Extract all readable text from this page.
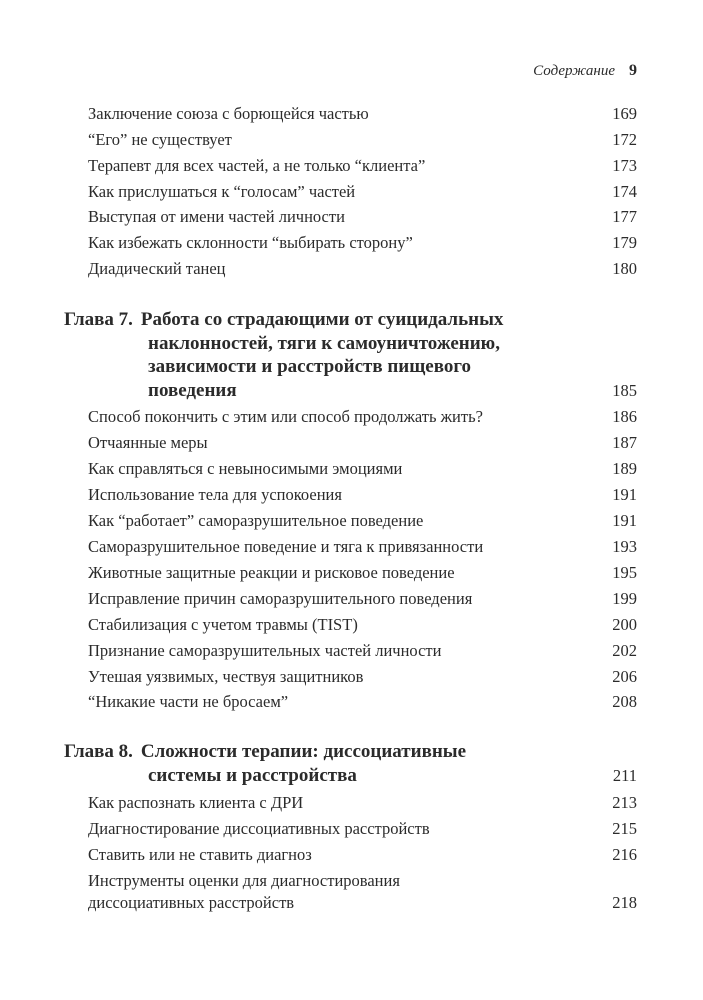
Содержание 9
Заключение союза с борющейся частью	169
“Его” не существует	172
Терапевт для всех частей, а не только “клиента”	173
Как прислушаться к “голосам” частей	174
Выступая от имени частей личности	177
Как избежать склонности “выбирать сторону”	179
Диадический танец	180
Глава 7. Работа со страдающими от суицидальных
наклонностей, тяги к самоуничтожению,
зависимости и расстройств пищевого
поведения	185
Способ покончить с этим или способ продолжать жить?	186
Отчаянные меры	187
Как справляться с невыносимыми эмоциями	189
Использование тела для успокоения	191
Как “работает” саморазрушительное поведение	191
Саморазрушительное поведение и тяга к привязанности	193
Животные защитные реакции и рисковое поведение	195
Исправление причин саморазрушительного поведения	199
Стабилизация с учетом травмы (TIST)	200
Признание саморазрушительных частей личности	202
Утешая уязвимых, чествуя защитников	206
“Никакие части не бросаем”	208
Глава 8. Сложности терапии: диссоциативные
системы и расстройства	211
Как распознать клиента с ДРИ	213
Диагностирование диссоциативных расстройств	215
Ставить или не ставить диагноз	216
Инструменты оценки для диагностирования
диссоциативных расстройств	218
